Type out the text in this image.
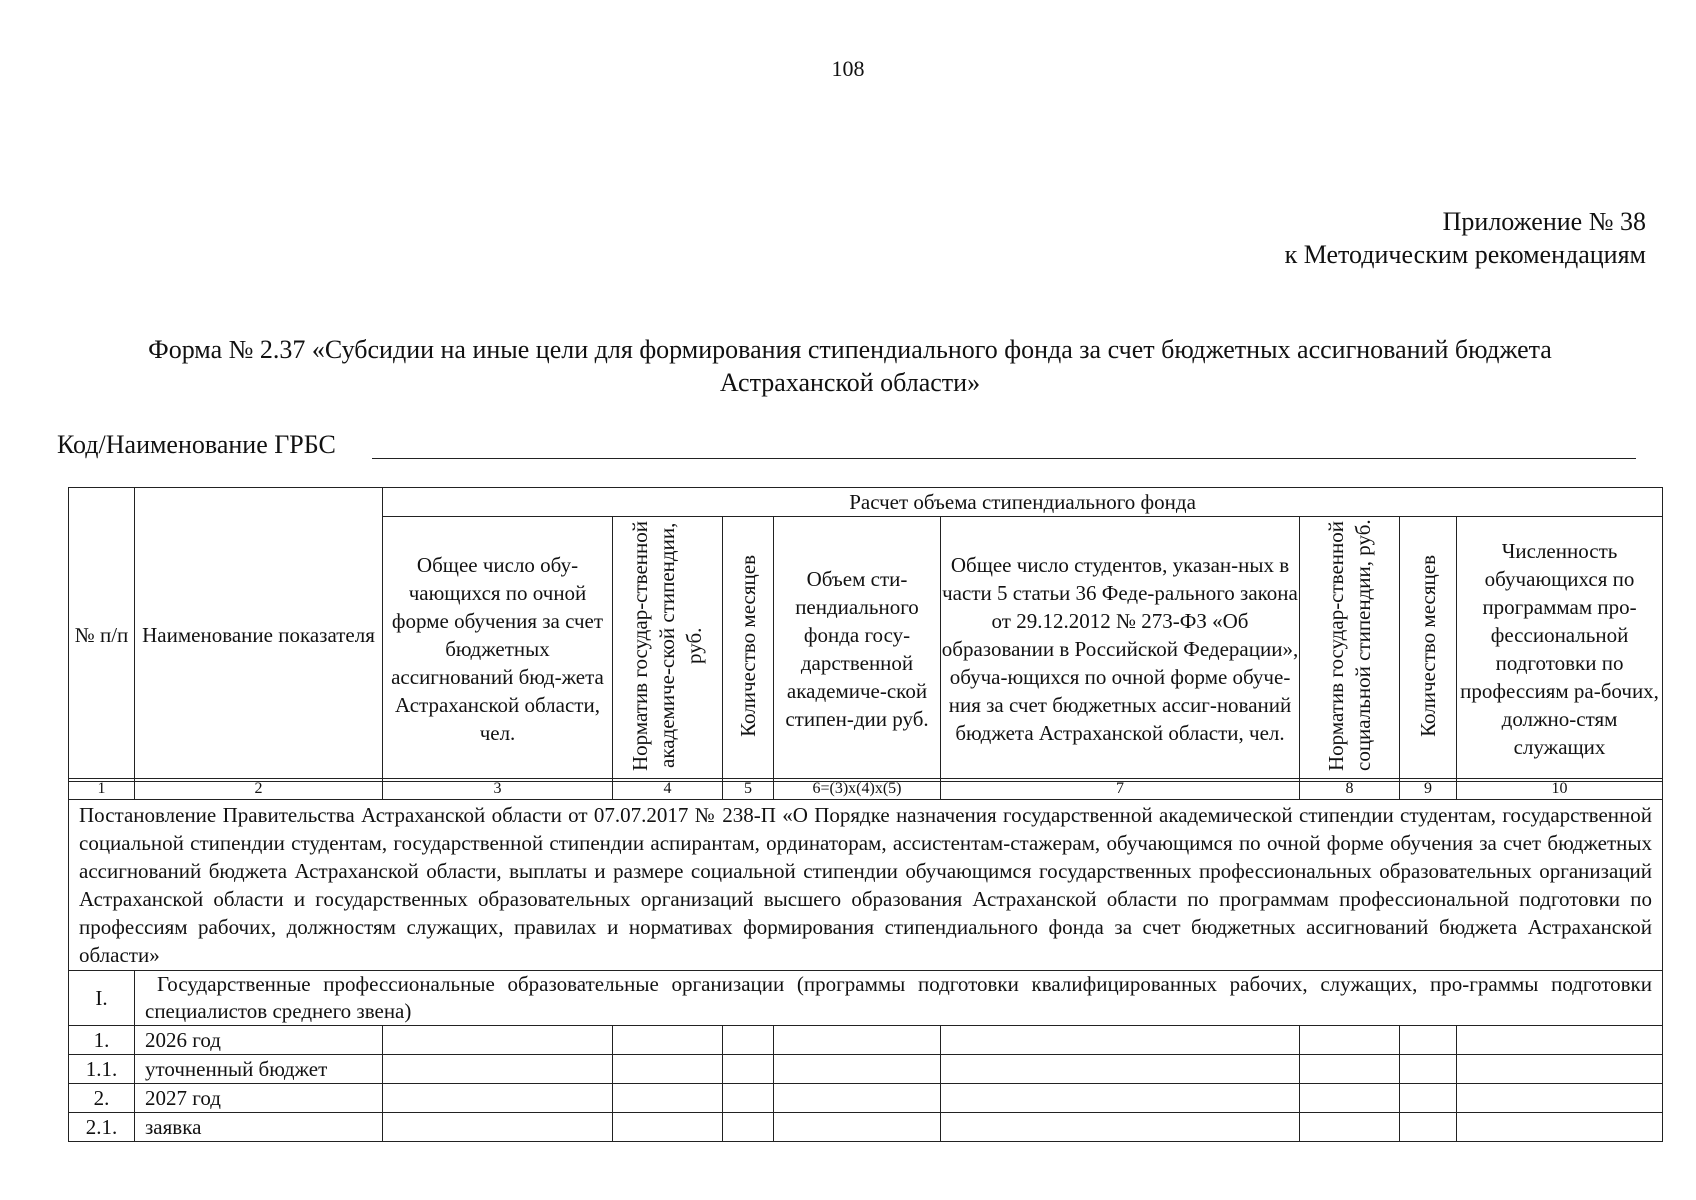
108
Приложение № 38
к Методическим рекомендациям
Форма № 2.37 «Субсидии на иные цели для формирования стипендиального фонда за счет бюджетных ассигнований бюджета Астраханской области»
Код/Наименование ГРБС
№ п/п	Наименование показателя	Расчет объема стипендиального фонда							
		Общее число обу-чающихся по очной форме обучения за счет бюджетных ассигнований бюд-жета Астраханской области, чел.	Норматив государ-ственной академиче-ской стипендии, руб.	Количество месяцев	Объем сти-пендиального фонда госу-дарственной академиче-ской стипен-дии руб.	Общее число студентов, указан-ных в части 5 статьи 36 Феде-рального закона от 29.12.2012 № 273-ФЗ «Об образовании в Российской Федерации», обуча-ющихся по очной форме обуче-ния за счет бюджетных ассиг-нований бюджета Астраханской области, чел.	Норматив государ-ственной социальной стипендии, руб.	Количество месяцев	Численность обучающихся по программам про-фессиональной подготовки по профессиям ра-бочих, должно-стям служащих
1	2	3	4	5	6=(3)x(4)x(5)	7	8	9	10
Постановление Правительства Астраханской области от 07.07.2017 № 238-П «О Порядке назначения государственной академической стипендии студентам, государственной социальной стипендии студентам, государственной стипендии аспирантам, ординаторам, ассистентам-стажерам, обучающимся по очной форме обучения за счет бюджетных ассигнований бюджета Астраханской области, выплаты и размере социальной стипендии обучающимся государственных профессиональных образовательных организаций Астраханской области и государственных образовательных организаций высшего образования Астраханской области по программам профессиональной подготовки по профессиям рабочих, должностям служащих, правилах и нормативах формирования стипендиального фонда за счет бюджетных ассигнований бюджета Астраханской области»									
I.	Государственные профессиональные образовательные организации (программы подготовки квалифицированных рабочих, служащих, про-граммы подготовки специалистов среднего звена)								
1.	2026 год								
1.1.	уточненный бюджет								
2.	2027 год								
2.1.	заявка								
